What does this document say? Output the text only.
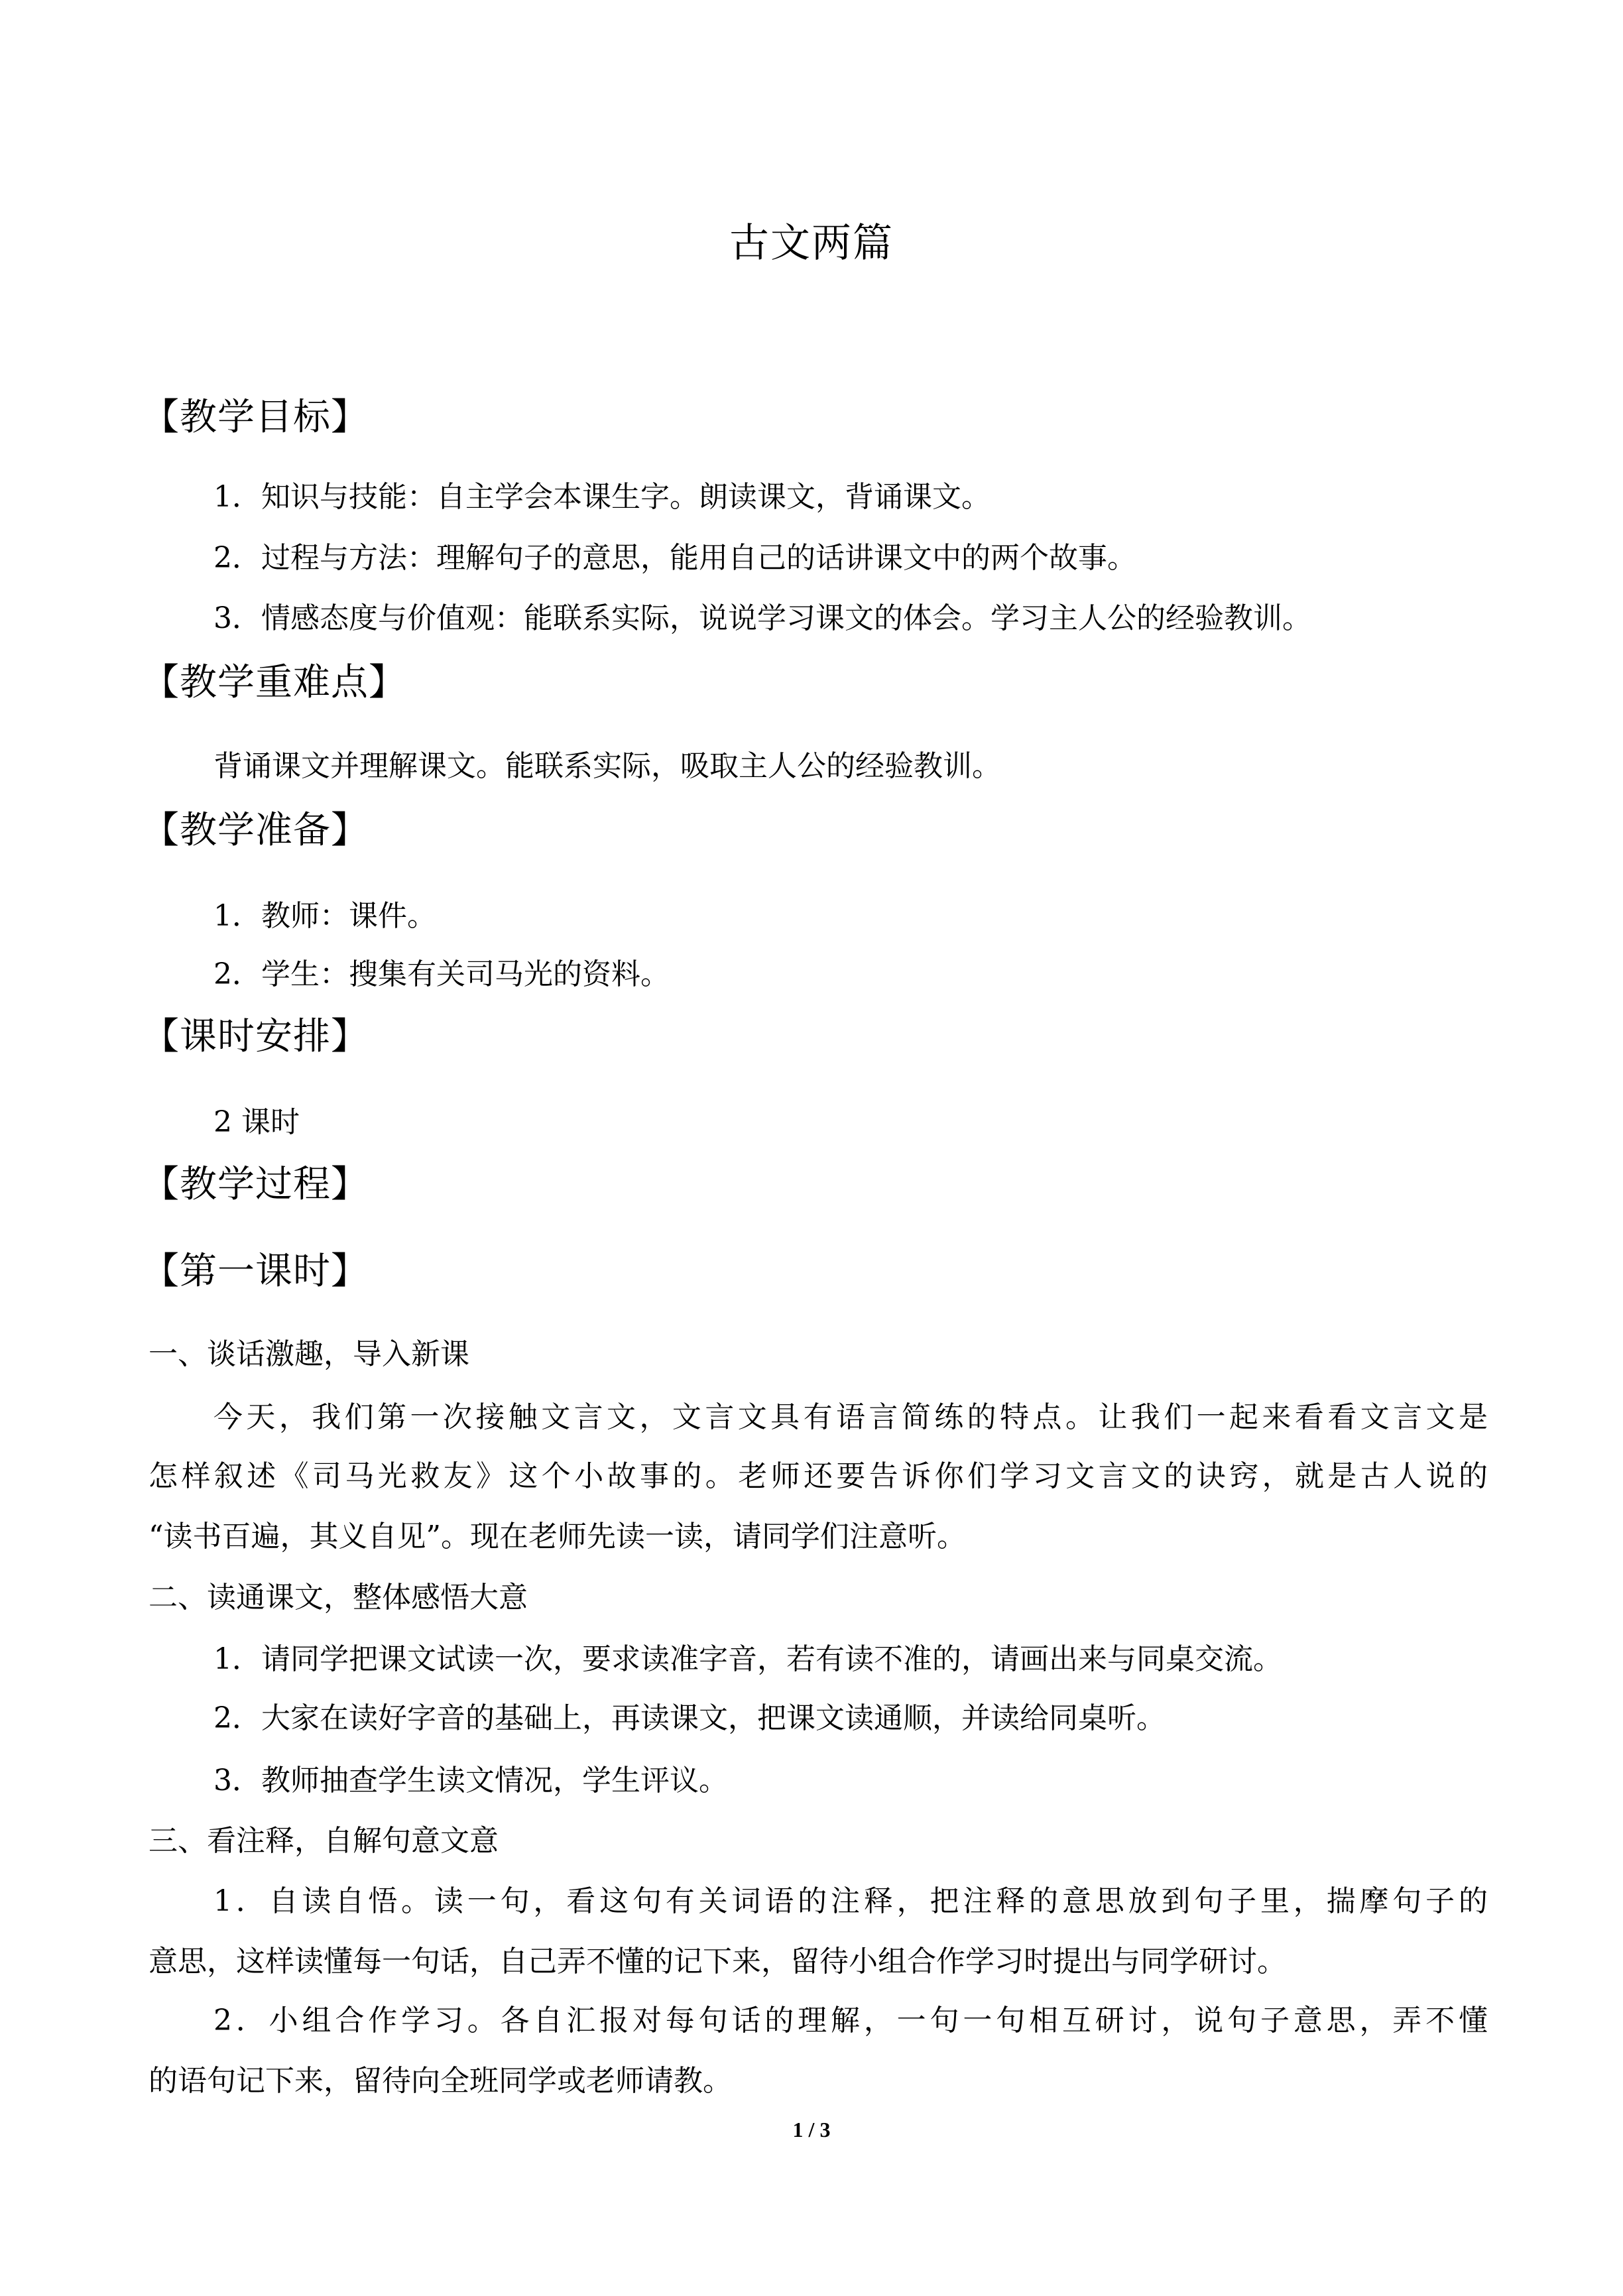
古文两篇
【教学目标】
1．知识与技能：自主学会本课生字。朗读课文，背诵课文。
2．过程与方法：理解句子的意思，能用自己的话讲课文中的两个故事。
3．情感态度与价值观：能联系实际，说说学习课文的体会。学习主人公的经验教训。
【教学重难点】
背诵课文并理解课文。能联系实际，吸取主人公的经验教训。
【教学准备】
1．教师：课件。
2．学生：搜集有关司马光的资料。
【课时安排】
2 课时
【教学过程】
【第一课时】
一、谈话激趣，导入新课
今天，我们第一次接触文言文，文言文具有语言简练的特点。让我们一起来看看文言文是
怎样叙述《司马光救友》这个小故事的。老师还要告诉你们学习文言文的诀窍，就是古人说的
“读书百遍，其义自见”。现在老师先读一读，请同学们注意听。
二、读通课文，整体感悟大意
1．请同学把课文试读一次，要求读准字音，若有读不准的，请画出来与同桌交流。
2．大家在读好字音的基础上，再读课文，把课文读通顺，并读给同桌听。
3．教师抽查学生读文情况，学生评议。
三、看注释，自解句意文意
1．自读自悟。读一句，看这句有关词语的注释，把注释的意思放到句子里，揣摩句子的
意思，这样读懂每一句话，自己弄不懂的记下来，留待小组合作学习时提出与同学研讨。
2．小组合作学习。各自汇报对每句话的理解，一句一句相互研讨，说句子意思，弄不懂
的语句记下来，留待向全班同学或老师请教。
1 / 3
